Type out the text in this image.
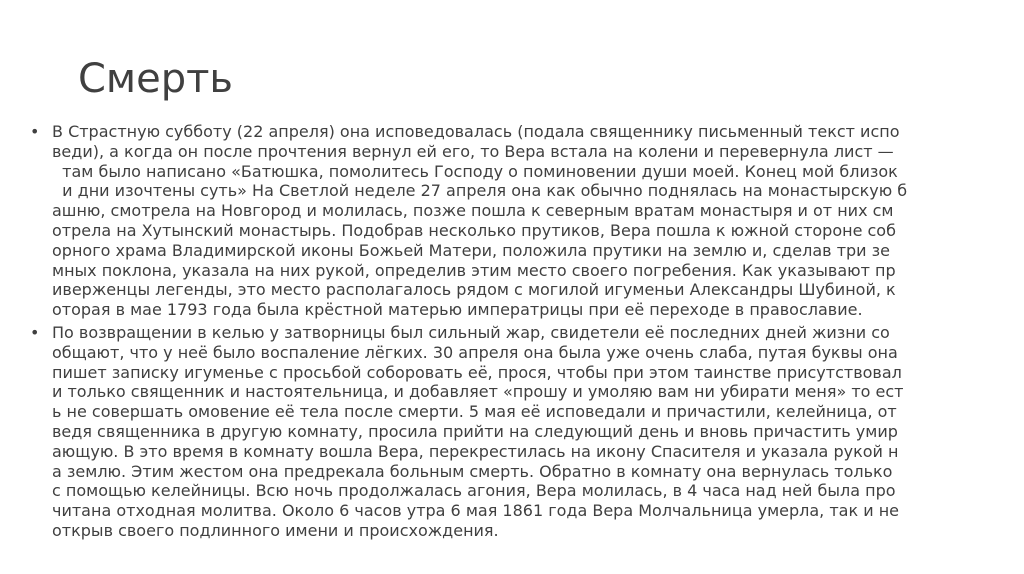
Смерть
• В Страстную субботу (22 апреля) она исповедовалась (подала священнику письменный текст испо
веди), а когда он после прочтения вернул ей его, то Вера встала на колени и перевернула лист —
там было написано «Батюшка, помолитесь Господу о поминовении души моей. Конец мой близок
и дни изочтены суть» На Светлой неделе 27 апреля она как обычно поднялась на монастырскую б
ашню, смотрела на Новгород и молилась, позже пошла к северным вратам монастыря и от них см
отрела на Хутынский монастырь. Подобрав несколько прутиков, Вера пошла к южной стороне соб
орного храма Владимирской иконы Божьей Матери, положила прутики на землю и, сделав три зе
мных поклона, указала на них рукой, определив этим место своего погребения. Как указывают пр
иверженцы легенды, это место располагалось рядом с могилой игуменьи Александры Шубиной, к
оторая в мае 1793 года была крёстной матерью императрицы при её переходе в православие.
• По возвращении в келью у затворницы был сильный жар, свидетели её последних дней жизни со
общают, что у неё было воспаление лёгких. 30 апреля она была уже очень слаба, путая буквы она
пишет записку игуменье с просьбой соборовать её, прося, чтобы при этом таинстве присутствовал
и только священник и настоятельница, и добавляет «прошу и умоляю вам ни убирати меня» то ест
ь не совершать омовение её тела после смерти. 5 мая её исповедали и причастили, келейница, от
ведя священника в другую комнату, просила прийти на следующий день и вновь причастить умир
ающую. В это время в комнату вошла Вера, перекрестилась на икону Спасителя и указала рукой н
а землю. Этим жестом она предрекала больным смерть. Обратно в комнату она вернулась только
с помощью келейницы. Всю ночь продолжалась агония, Вера молилась, в 4 часа над ней была про
читана отходная молитва. Около 6 часов утра 6 мая 1861 года Вера Молчальница умерла, так и не
открыв своего подлинного имени и происхождения.
